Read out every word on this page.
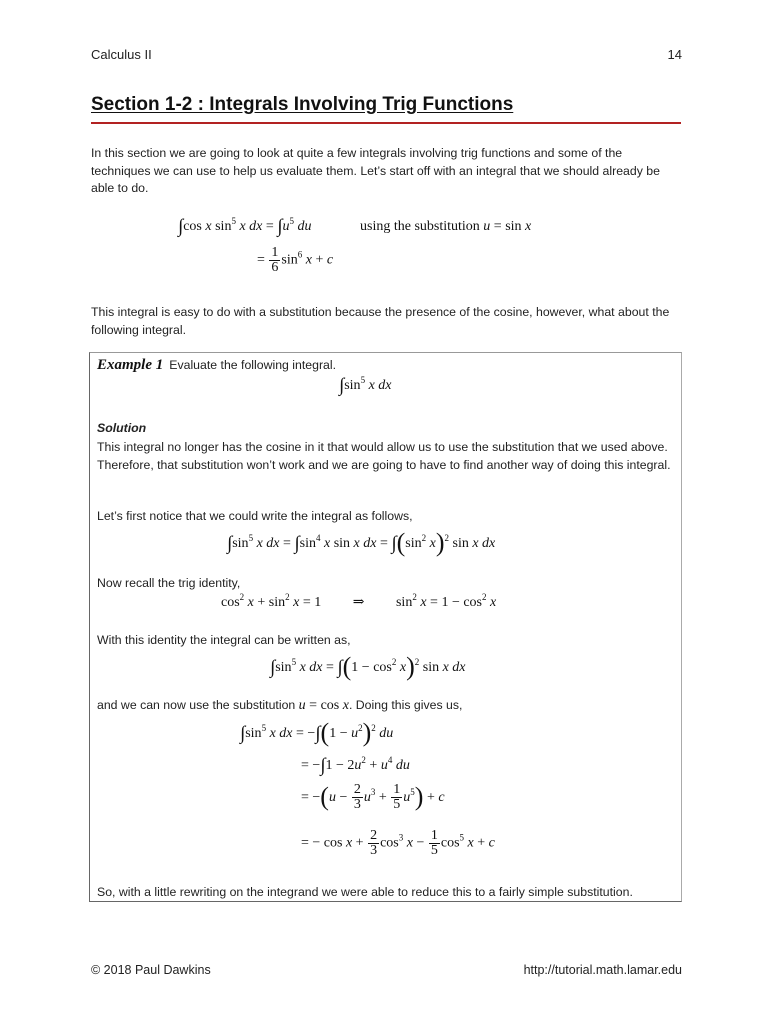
Calculus II	14
Section 1-2 : Integrals Involving Trig Functions
In this section we are going to look at quite a few integrals involving trig functions and some of the techniques we can use to help us evaluate them. Let’s start off with an integral that we should already be able to do.
∫cos x $\sin^5 x$ dx = $\int u^5$ du	using the substitution u = sin x
= $\frac{1}{6} \sin^6 x + c$
This integral is easy to do with a substitution because the presence of the cosine, however, what about the following integral.
Example 1 Evaluate the following integral.
$\int\sin^5$ x dx
Solution
This integral no longer has the cosine in it that would allow us to use the substitution that we used above. Therefore, that substitution won’t work and we are going to have to find another way of doing this integral.
Let’s first notice that we could write the integral as follows,
$\int\sin^5$ x dx = $\int\sin^4$ x sin x dx = $\int(\sin^2$ x)$^2$ sin x dx
Now recall the trig identity,
$\cos^2 x + \sin^2 x = 1$ ⇒ $\sin^2 x = 1 - \cos^2 x$
With this identity the integral can be written as,
$\int\sin^5$ x dx = $\int(1 - \cos^2 x)^2$ sin x dx
and we can now use the substitution u = cos x. Doing this gives us,
$\int\sin^5$ x dx = $-\int(1 - u^2)^2$ du
= $-\int 1 - 2u^2 + u^4$ du
= $-(u - \frac{2}{3} u^3 + \frac{1}{5} u^5) + c$
= − $\cos x + \frac{2}{3} \cos^3 x - \frac{1}{5} \cos^5 x + c$
So, with a little rewriting on the integrand we were able to reduce this to a fairly simple substitution.
© 2018 Paul Dawkins	http://tutorial.math.lamar.edu
